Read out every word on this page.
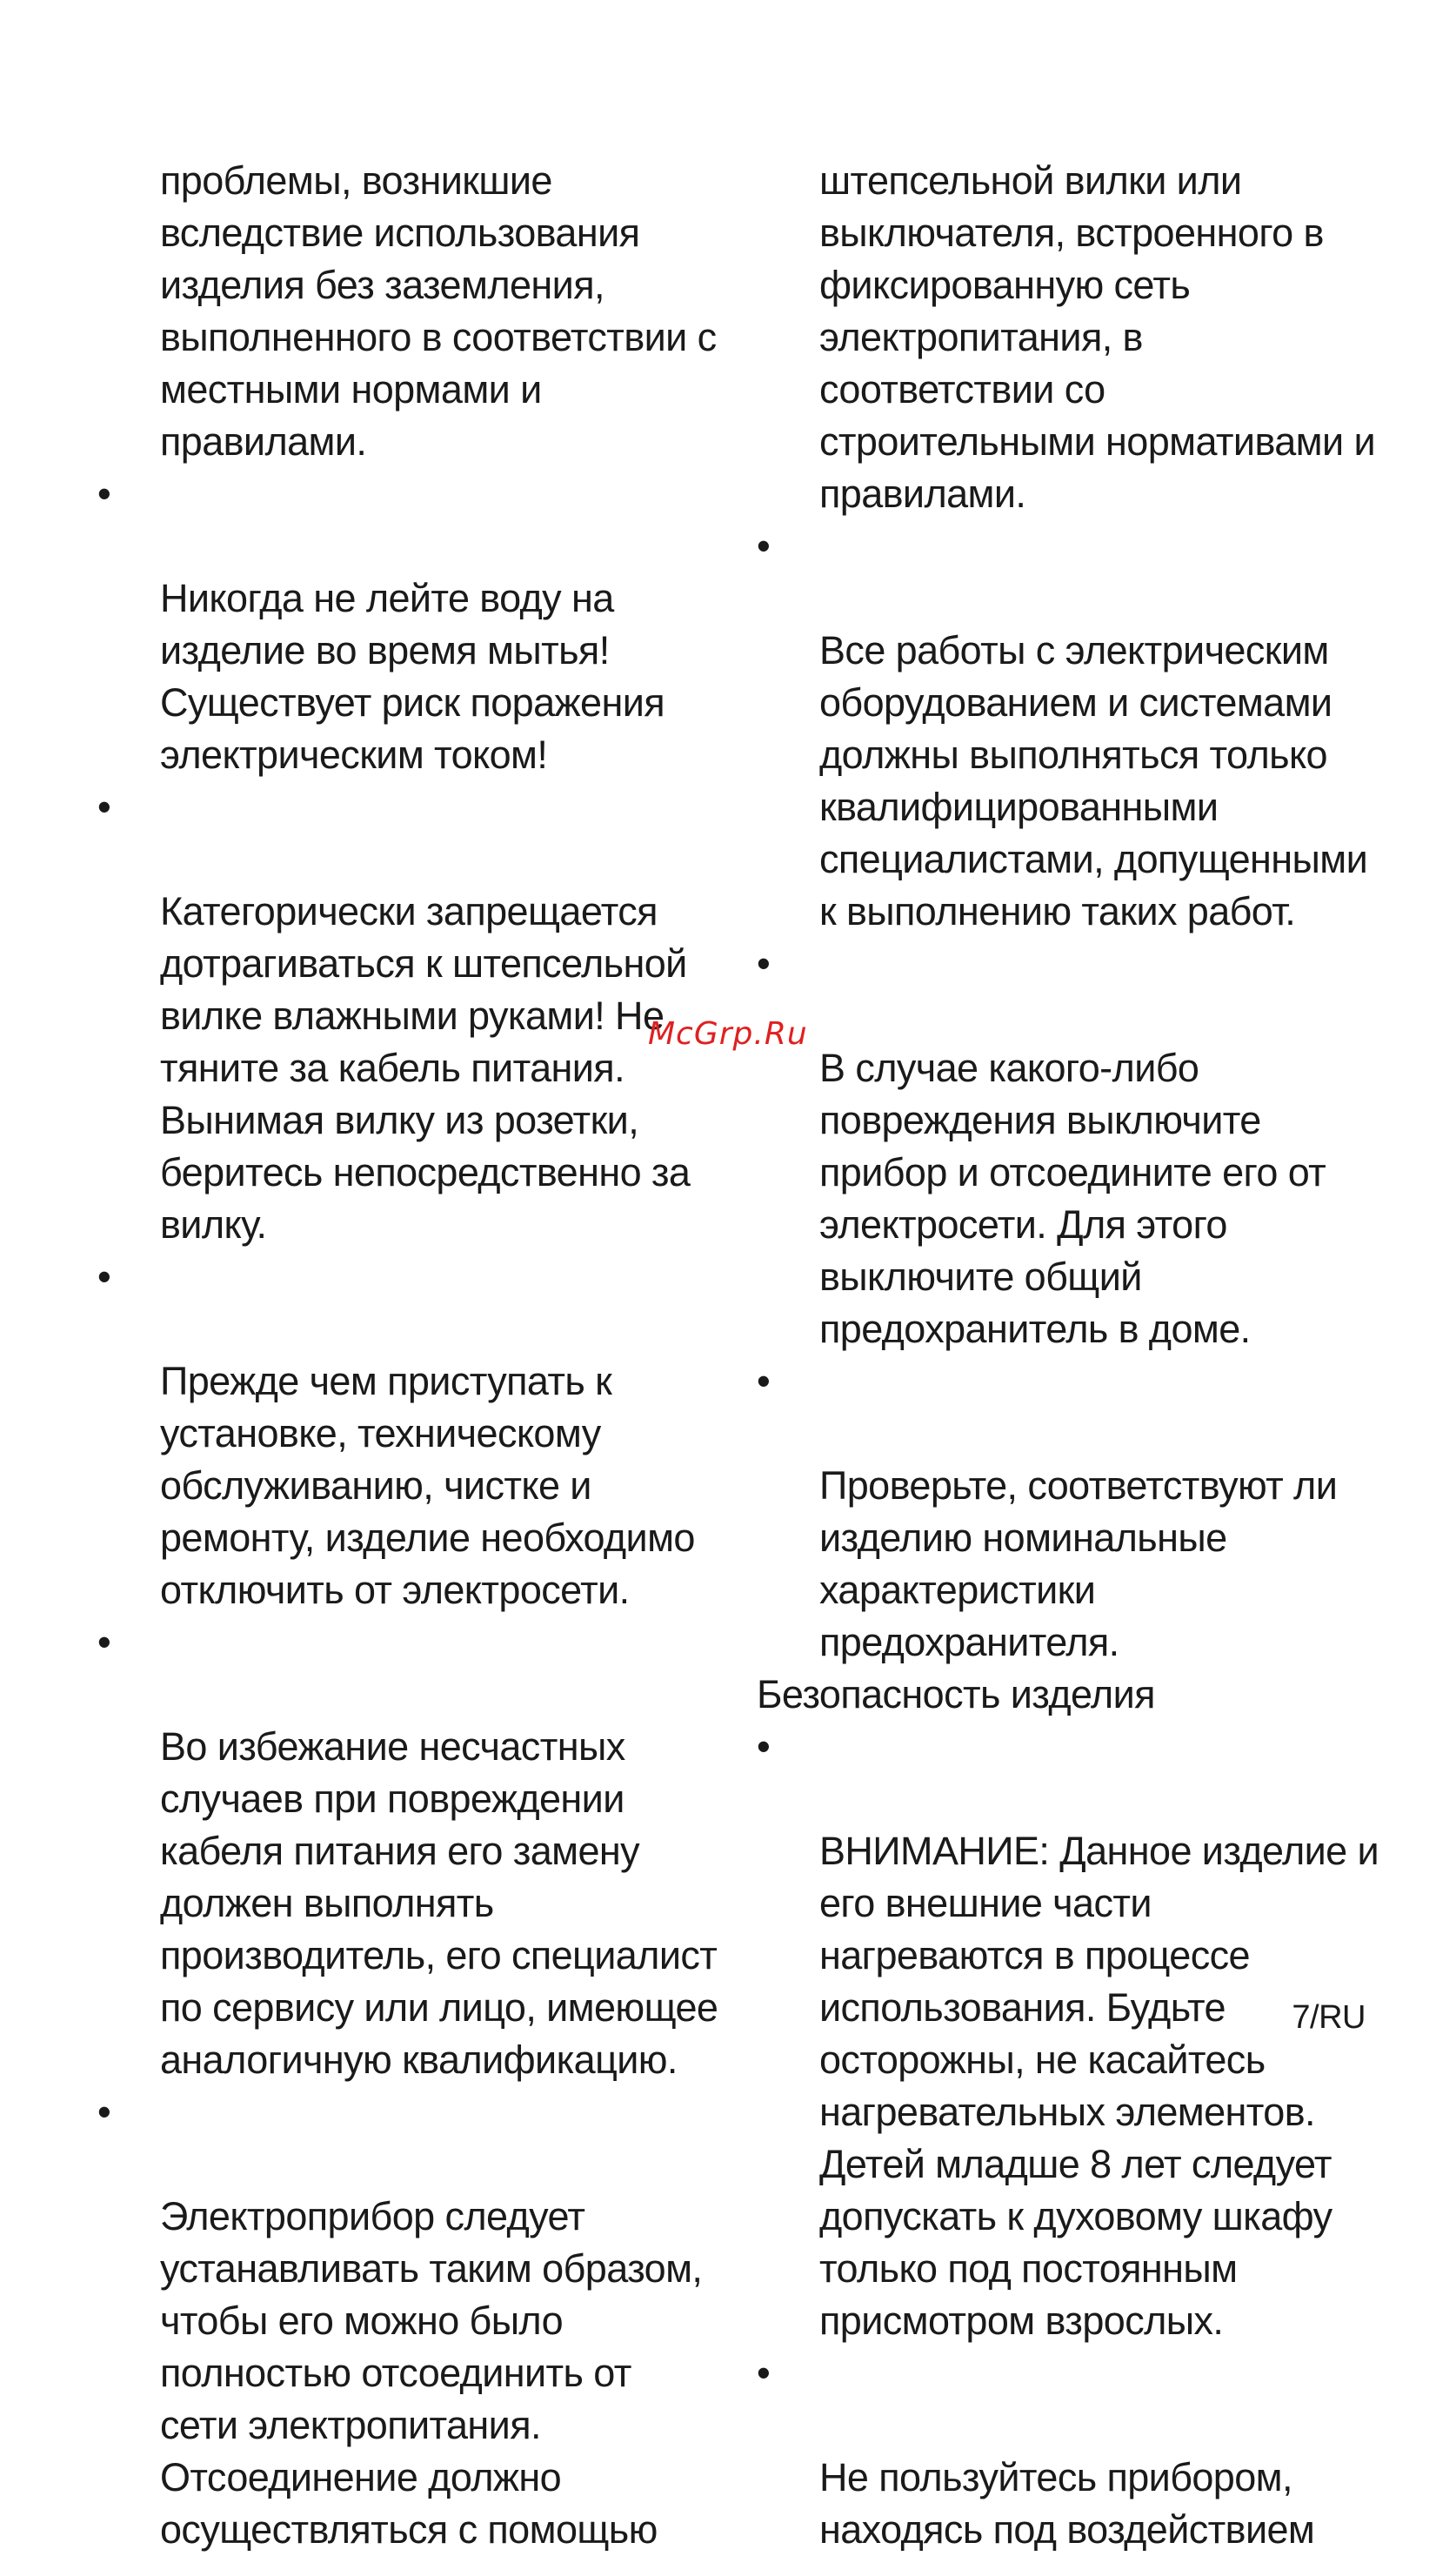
проблемы, возникшие
вследствие использования
изделия без заземления,
выполненного в соответствии с
местными нормами и
правилами.

•

Никогда не лейте воду на
изделие во время мытья!
Существует риск поражения
электрическим током!

•

Категорически запрещается
дотрагиваться к штепсельной
вилке влажными руками! Не
тяните за кабель питания.
Вынимая вилку из розетки,
беритесь непосредственно за
вилку.

•

Прежде чем приступать к
установке, техническому
обслуживанию, чистке и
ремонту, изделие необходимо
отключить от электросети.

•

Во избежание несчастных
случаев при повреждении
кабеля питания его замену
должен выполнять
производитель, его специалист
по сервису или лицо, имеющее
аналогичную квалификацию.

•

Электроприбор следует
устанавливать таким образом,
чтобы его можно было
полностью отсоединить от
сети электропитания.
Отсоединение должно
осуществляться с помощью

штепсельной вилки или
выключателя, встроенного в
фиксированную сеть
электропитания, в
соответствии со
строительными нормативами и
правилами.

•

Все работы с электрическим
оборудованием и системами
должны выполняться только
квалифицированными
специалистами, допущенными
к выполнению таких работ.

•

В случае какого-либо
повреждения выключите
прибор и отсоедините его от
электросети. Для этого
выключите общий
предохранитель в доме.

•

Проверьте, соответствуют ли
изделию номинальные
характеристики
предохранителя.

Безопасность изделия

•

ВНИМАНИЕ: Данное изделие и
его внешние части
нагреваются в процессе
использования. Будьте
осторожны, не касайтесь
нагревательных элементов.
Детей младше 8 лет следует
допускать к духовому шкафу
только под постоянным
присмотром взрослых.

•

Не пользуйтесь прибором,
находясь под воздействием

McGrp.Ru
7/RU
